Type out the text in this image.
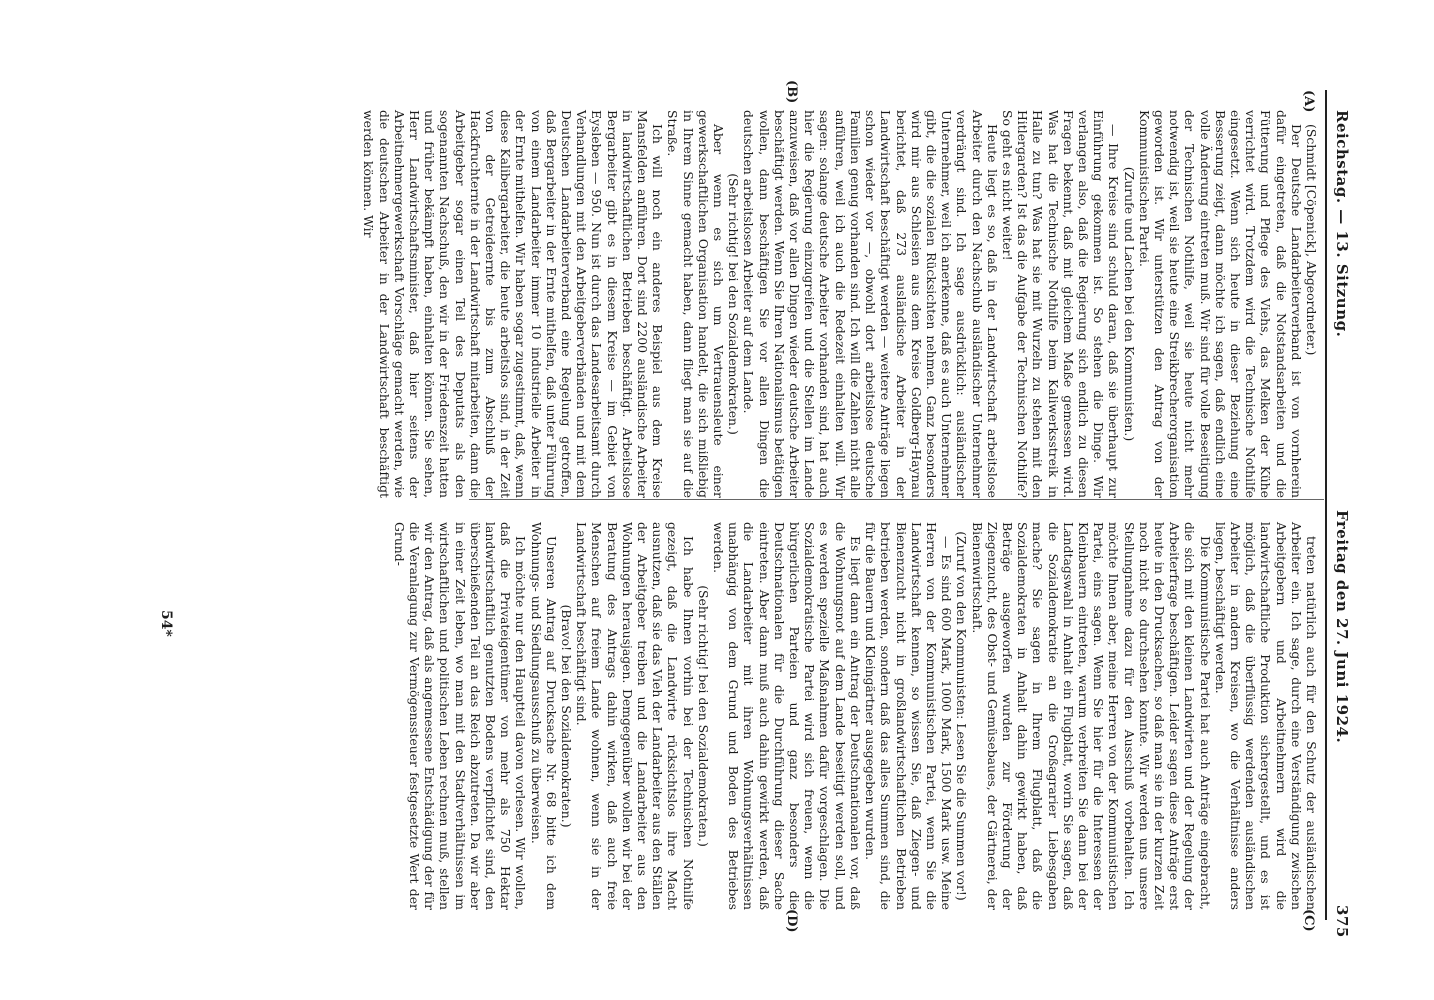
Reichstag. — 13. Sitzung.
Freitag den 27. Juni 1924.
375
(A)
(B)
(C)
(D)

(Schmidt [Cöpenick], Abgeordneter.)

Der Deutsche Landarbeiterverband ist von vornherein dafür eingetreten, daß die Notstandsarbeiten und die Fütterung und Pflege des Viehs, das Melken der Kühe verrichtet wird. Trotzdem wird die Technische Nothilfe eingesetzt. Wenn sich heute in dieser Beziehung eine Besserung zeigt, dann möchte ich sagen, daß endlich eine volle Änderung eintreten muß. Wir sind für volle Beseitigung der Technischen Nothilfe, weil sie heute nicht mehr notwendig ist, weil sie heute eine Streikbrecherorganisation geworden ist. Wir unterstützen den Antrag von der Kommunistischen Partei.

(Zurufe und Lachen bei den Kommunisten.)

— Ihre Kreise sind schuld daran, daß sie überhaupt zur Einführung gekommen ist. So stehen die Dinge. Wir verlangen also, daß die Regierung sich endlich zu diesen Fragen bekennt, daß mit gleichem Maße gemessen wird. Was hat die Technische Nothilfe beim Kaliwerksstreik in Halle zu tun? Was hat sie mit Wurzeln zu stehen mit den Hitlergarden? Ist das die Aufgabe der Technischen Nothilfe? So geht es nicht weiter!

Heute liegt es so, daß in der Landwirtschaft arbeitslose Arbeiter durch den Nachschub ausländischer Unternehmer verdrängt sind. Ich sage ausdrücklich: ausländischer Unternehmer, weil ich anerkenne, daß es auch Unternehmer gibt, die die sozialen Rücksichten nehmen. Ganz besonders wird mir aus Schlesien aus dem Kreise Goldberg-Haynau berichtet, daß 273 ausländische Arbeiter in der Landwirtschaft beschäftigt werden — weitere Anträge liegen schon wieder vor —, obwohl dort arbeitslose deutsche Familien genug vorhanden sind. Ich will die Zahlen nicht alle anführen, weil ich auch die Redezeit einhalten will. Wir sagen: solange deutsche Arbeiter vorhanden sind, hat auch hier die Regierung einzugreifen und die Stellen im Lande anzuweisen, daß vor allen Dingen wieder deutsche Arbeiter beschäftigt werden. Wenn Sie Ihren Nationalismus betätigen wollen, dann beschäftigen Sie vor allen Dingen die deutschen arbeitslosen Arbeiter auf dem Lande.

(Sehr richtig! bei den Sozialdemokraten.)

Aber wenn es sich um Vertrauensleute einer gewerkschaftlichen Organisation handelt, die sich mißliebig in Ihrem Sinne gemacht haben, dann fliegt man sie auf die Straße.

Ich will noch ein anderes Beispiel aus dem Kreise Mansfelden anführen. Dort sind 2200 ausländische Arbeiter in landwirtschaftlichen Betrieben beschäftigt. Arbeitslose Bergarbeiter gibt es in diesem Kreise — im Gebiet von Eysleben — 950. Nun ist durch das Landesarbeitsamt durch Verhandlungen mit den Arbeitgeberverbänden und mit dem Deutschen Landarbeiterverband eine Regelung getroffen, daß Bergarbeiter in der Ernte mithelfen, daß unter Führung von einem Landarbeiter immer 10 industrielle Arbeiter in der Ernte mithelfen. Wir haben sogar zugestimmt, daß, wenn diese Kalibergarbeiter, die heute arbeitslos sind, in der Zeit von der Getreideernte bis zum Abschluß der Hackfruchternte in der Landwirtschaft mitarbeiten, dann die Arbeitgeber sogar einen Teil des Deputats als den sogenannten Nachschuß, den wir in der Friedenszeit hatten und früher bekämpft haben, einhalten können. Sie sehen, Herr Landwirtschaftsminister, daß hier seitens der Arbeitnehmergewerkschaft Vorschläge gemacht werden, wie die deutschen Arbeiter in der Landwirtschaft beschäftigt werden können. Wir

treten natürlich auch für den Schutz der ausländischen Arbeiter ein. Ich sage, durch eine Verständigung zwischen Arbeitgebern und Arbeitnehmern wird die landwirtschaftliche Produktion sichergestellt, und es ist möglich, daß die überflüssig werdenden ausländischen Arbeiter in andern Kreisen, wo die Verhältnisse anders liegen, beschäftigt werden.

Die Kommunistische Partei hat auch Anträge eingebracht, die sich mit den kleinen Landwirten und der Regelung der Arbeiterfrage beschäftigen. Leider sagen diese Anträge erst heute in den Drucksachen, so daß man sie in der kurzen Zeit noch nicht so durchsehen konnte. Wir werden uns unsere Stellungnahme dazu für den Ausschuß vorbehalten. Ich möchte Ihnen aber, meine Herren von der Kommunistischen Partei, eins sagen. Wenn Sie hier für die Interessen der Kleinbauern eintreten, warum verbreiten Sie dann bei der Landtagswahl in Anhalt ein Flugblatt, worin Sie sagen, daß die Sozialdemokratie an die Großagrarier Liebesgaben mache? Sie sagen in Ihrem Flugblatt, daß die Sozialdemokraten in Anhalt dahin gewirkt haben, daß Beträge ausgeworfen wurden zur Förderung der Ziegenzucht, des Obst- und Gemüsebaues, der Gärtnerei, der Bienenwirtschaft.

(Zuruf von den Kommunisten: Lesen Sie die Summen vor!)

— Es sind 600 Mark, 1000 Mark, 1500 Mark usw. Meine Herren von der Kommunistischen Partei, wenn Sie die Landwirtschaft kennen, so wissen Sie, daß Ziegen- und Bienenzucht nicht in großlandwirtschaftlichen Betrieben betrieben werden, sondern daß das alles Summen sind, die für die Bauern und Kleingärtner ausgegeben wurden.

Es liegt dann ein Antrag der Deutschnationalen vor, daß die Wohnungsnot auf dem Lande beseitigt werden soll, und es werden spezielle Maßnahmen dafür vorgeschlagen. Die Sozialdemokratische Partei wird sich freuen, wenn die bürgerlichen Parteien und ganz besonders die Deutschnationalen für die Durchführung dieser Sache eintreten. Aber dann muß auch dahin gewirkt werden, daß die Landarbeiter mit ihren Wohnungsverhältnissen unabhängig von dem Grund und Boden des Betriebes werden.

(Sehr richtig! bei den Sozialdemokraten.)

Ich habe Ihnen vorhin bei der Technischen Nothilfe gezeigt, daß die Landwirte rücksichtslos ihre Macht ausnutzen, daß sie das Vieh der Landarbeiter aus den Ställen der Arbeitgeber treiben und die Landarbeiter aus den Wohnungen herausjagen. Demgegenüber wollen wir bei der Beratung des Antrags dahin wirken, daß auch freie Menschen auf freiem Lande wohnen, wenn sie in der Landwirtschaft beschäftigt sind.

(Bravo! bei den Sozialdemokraten.)

Unseren Antrag auf Drucksache Nr. 68 bitte ich dem Wohnungs- und Siedlungsausschuß zu überweisen.

Ich möchte nur den Hauptteil davon vorlesen. Wir wollen, daß die Privateigentümer von mehr als 750 Hektar landwirtschaftlich genutzten Bodens verpflichtet sind, den überschießenden Teil an das Reich abzutreten. Da wir aber in einer Zeit leben, wo man mit den Stadtverhältnissen im wirtschaftlichen und politischen Leben rechnen muß, stellen wir den Antrag, daß als angemessene Entschädigung der für die Veranlagung zur Vermögenssteuer festgesetzte Wert der Grund-

54*
